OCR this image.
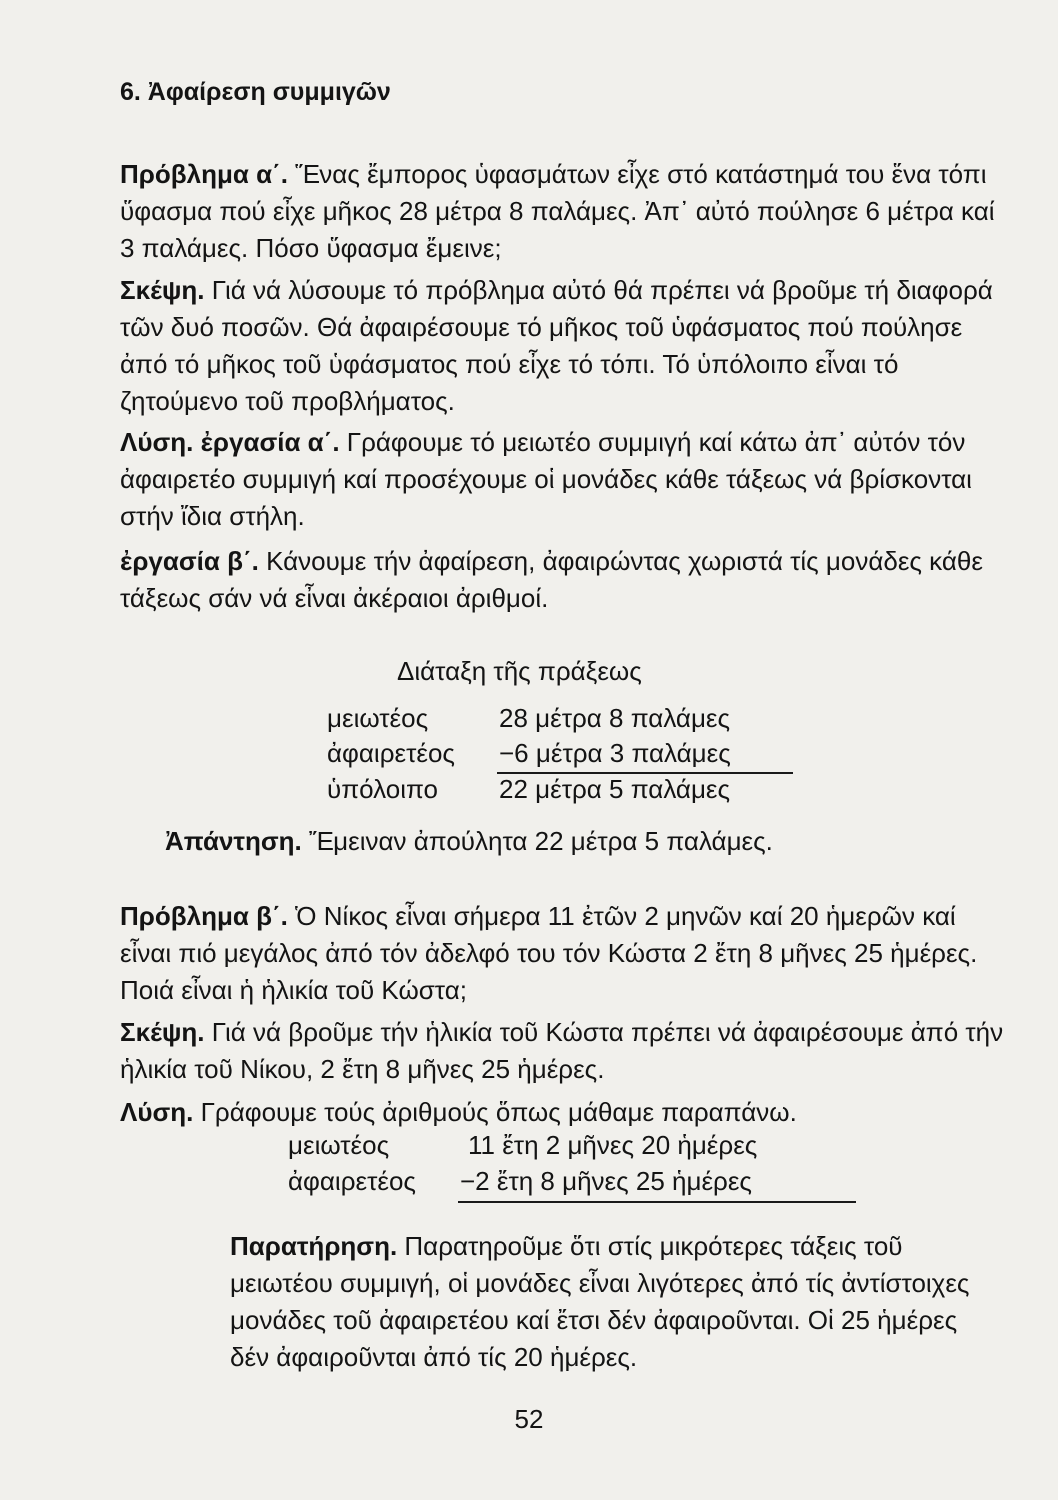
6. Ἀφαίρεση συμμιγῶν

Πρόβλημα α΄. Ἕνας ἔμπορος ὑφασμάτων εἶχε στό κατάστημά του ἕνα τόπι ὕφασμα πού εἶχε μῆκος 28 μέτρα 8 παλάμες. Ἀπ᾽ αὐτό πούλησε 6 μέτρα καί 3 παλάμες. Πόσο ὕφασμα ἔμεινε;

Σκέψη. Γιά νά λύσουμε τό πρόβλημα αὐτό θά πρέπει νά βροῦμε τή διαφορά τῶν δυό ποσῶν. Θά ἀφαιρέσουμε τό μῆκος τοῦ ὑφάσματος πού πούλησε ἀπό τό μῆκος τοῦ ὑφάσματος πού εἶχε τό τόπι. Τό ὑπόλοιπο εἶναι τό ζητούμενο τοῦ προβλήματος.

Λύση. ἐργασία α΄. Γράφουμε τό μειωτέο συμμιγή καί κάτω ἀπ᾽ αὐτόν τόν ἀφαιρετέο συμμιγή καί προσέχουμε οἱ μονάδες κάθε τάξεως νά βρίσκονται στήν ἴδια στήλη.

ἐργασία β΄. Κάνουμε τήν ἀφαίρεση, ἀφαιρώντας χωριστά τίς μονάδες κάθε τάξεως σάν νά εἶναι ἀκέραιοι ἀριθμοί.

Διάταξη τῆς πράξεως
μειωτέος	28 μέτρα 8 παλάμες
ἀφαιρετέος −6 μέτρα 3 παλάμες
ὑπόλοιπο 22 μέτρα 5 παλάμες

Ἀπάντηση. Ἔμειναν ἀπούλητα 22 μέτρα 5 παλάμες.

Πρόβλημα β΄. Ὁ Νίκος εἶναι σήμερα 11 ἐτῶν 2 μηνῶν καί 20 ἡμερῶν καί εἶναι πιό μεγάλος ἀπό τόν ἀδελφό του τόν Κώστα 2 ἔτη 8 μῆνες 25 ἡμέρες. Ποιά εἶναι ἡ ἡλικία τοῦ Κώστα;

Σκέψη. Γιά νά βροῦμε τήν ἡλικία τοῦ Κώστα πρέπει νά ἀφαιρέσουμε ἀπό τήν ἡλικία τοῦ Νίκου, 2 ἔτη 8 μῆνες 25 ἡμέρες.

Λύση. Γράφουμε τούς ἀριθμούς ὅπως μάθαμε παραπάνω.

μειωτέος	11 ἔτη 2 μῆνες 20 ἡμέρες
ἀφαιρετέος −2 ἔτη 8 μῆνες 25 ἡμέρες

Παρατήρηση. Παρατηροῦμε ὅτι στίς μικρότερες τάξεις τοῦ μειωτέου συμμιγή, οἱ μονάδες εἶναι λιγότερες ἀπό τίς ἀντίστοιχες μονάδες τοῦ ἀφαιρετέου καί ἔτσι δέν ἀφαιροῦνται. Οἱ 25 ἡμέρες δέν ἀφαιροῦνται ἀπό τίς 20 ἡμέρες.

52
